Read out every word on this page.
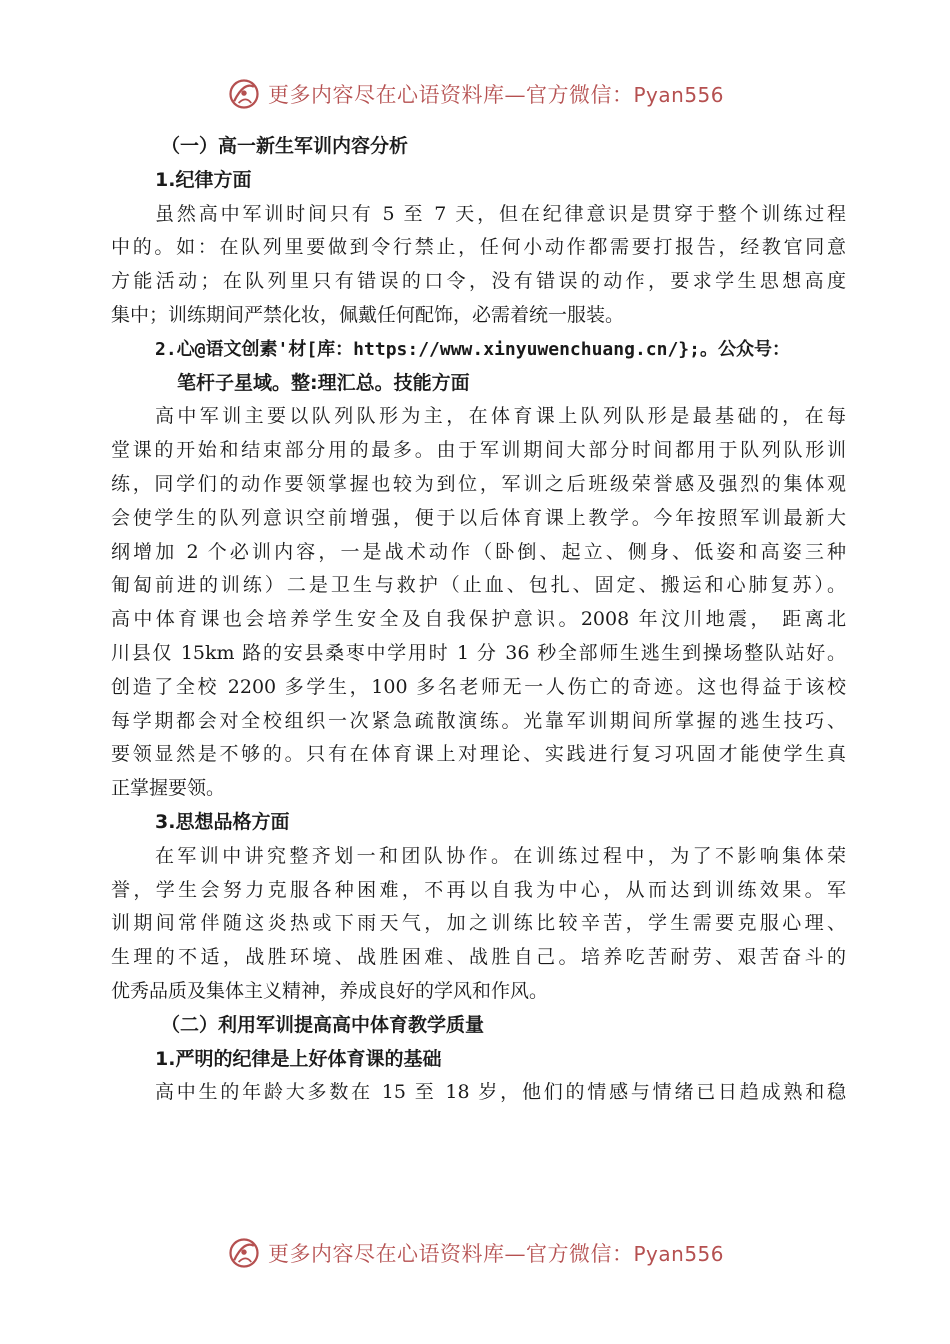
更多内容尽在心语资料库—官方微信：Pyan556
（一）高一新生军训内容分析
1.纪律方面
虽然高中军训时间只有 5 至 7 天，但在纪律意识是贯穿于整个训练过程
中的。如：在队列里要做到令行禁止，任何小动作都需要打报告，经教官同意
方能活动；在队列里只有错误的口令，没有错误的动作，要求学生思想高度
集中；训练期间严禁化妆，佩戴任何配饰，必需着统一服装。
2.心@语文创素'材[库：https://www.xinyuwenchuang.cn/};。公众号：
笔杆子星域。整:理汇总。技能方面
高中军训主要以队列队形为主，在体育课上队列队形是最基础的，在每
堂课的开始和结束部分用的最多。由于军训期间大部分时间都用于队列队形训
练，同学们的动作要领掌握也较为到位，军训之后班级荣誉感及强烈的集体观
会使学生的队列意识空前增强，便于以后体育课上教学。今年按照军训最新大
纲增加 2 个必训内容，一是战术动作（卧倒、起立、侧身、低姿和高姿三种
匍匐前进的训练）二是卫生与救护（止血、包扎、固定、搬运和心肺复苏）。
高中体育课也会培养学生安全及自我保护意识。2008 年汶川地震， 距离北
川县仅 15km 路的安县桑枣中学用时 1 分 36 秒全部师生逃生到操场整队站好。
创造了全校 2200 多学生，100 多名老师无一人伤亡的奇迹。这也得益于该校
每学期都会对全校组织一次紧急疏散演练。光靠军训期间所掌握的逃生技巧、
要领显然是不够的。只有在体育课上对理论、实践进行复习巩固才能使学生真
正掌握要领。
3.思想品格方面
在军训中讲究整齐划一和团队协作。在训练过程中，为了不影响集体荣
誉，学生会努力克服各种困难，不再以自我为中心，从而达到训练效果。军
训期间常伴随这炎热或下雨天气，加之训练比较辛苦，学生需要克服心理、
生理的不适，战胜环境、战胜困难、战胜自己。培养吃苦耐劳、艰苦奋斗的
优秀品质及集体主义精神，养成良好的学风和作风。
（二）利用军训提高高中体育教学质量
1.严明的纪律是上好体育课的基础
高中生的年龄大多数在 15 至 18 岁，他们的情感与情绪已日趋成熟和稳
更多内容尽在心语资料库—官方微信：Pyan556
